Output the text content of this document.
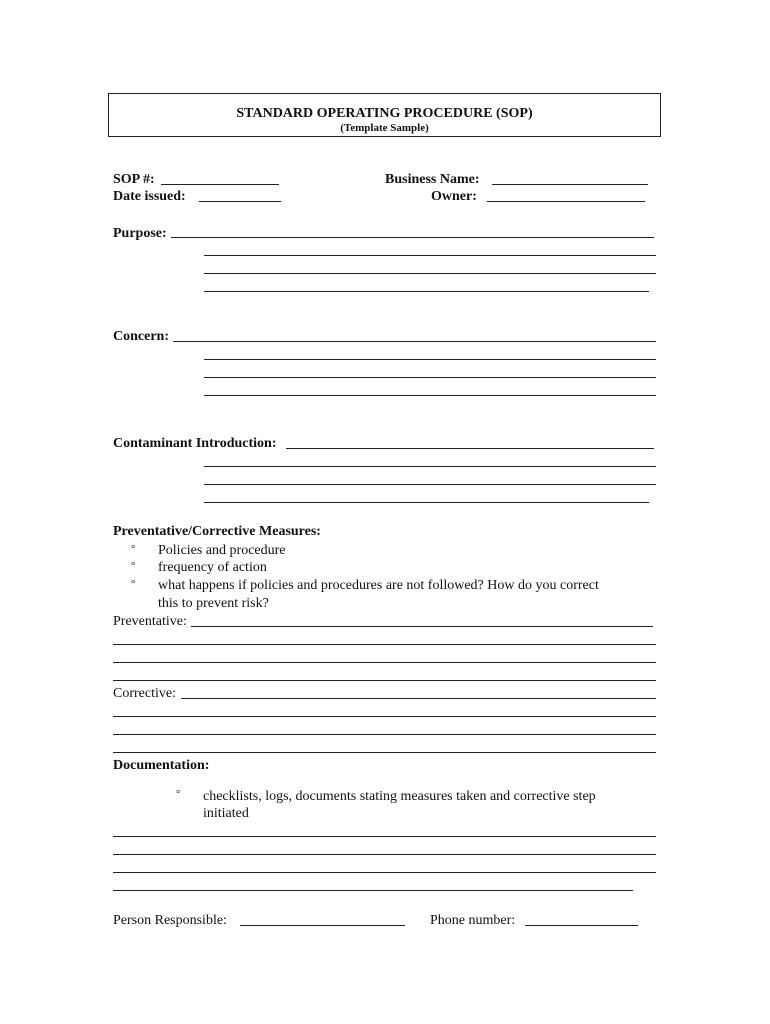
STANDARD OPERATING PROCEDURE (SOP)
(Template Sample)
SOP #:
Date issued:
Business Name:
Owner:
Purpose:
Concern:
Contaminant Introduction:
Preventative/Corrective Measures:
° Policies and procedure
° frequency of action
° what happens if policies and procedures are not followed? How do you correct
this to prevent risk?
Preventative:
Corrective:
Documentation:
° checklists, logs, documents stating measures taken and corrective step
initiated
Person Responsible:	Phone number:
